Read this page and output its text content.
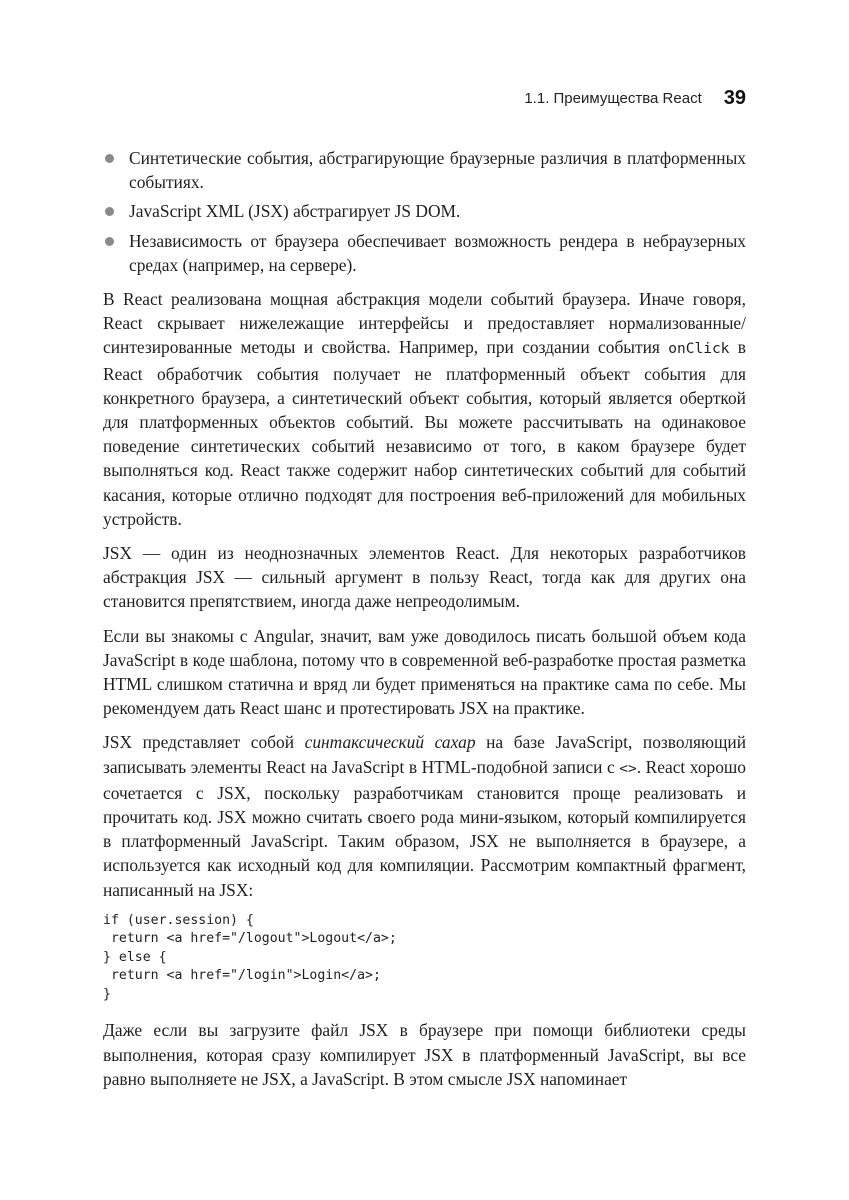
1.1. Преимущества React 39
Синтетические события, абстрагирующие браузерные различия в платформенных событиях.
JavaScript XML (JSX) абстрагирует JS DOM.
Независимость от браузера обеспечивает возможность рендера в небраузерных средах (например, на сервере).

В React реализована мощная абстракция модели событий браузера. Иначе говоря, React скрывает нижележащие интерфейсы и предоставляет нормализованные/синтезированные методы и свойства. Например, при создании события onClick в React обработчик события получает не платформенный объект события для конкретного браузера, а синтетический объект события, который является оберткой для платформенных объектов событий. Вы можете рассчитывать на одинаковое поведение синтетических событий независимо от того, в каком браузере будет выполняться код. React также содержит набор синтетических событий для событий касания, которые отлично подходят для построения веб-приложений для мобильных устройств.

JSX — один из неоднозначных элементов React. Для некоторых разработчиков абстракция JSX — сильный аргумент в пользу React, тогда как для других она становится препятствием, иногда даже непреодолимым.

Если вы знакомы с Angular, значит, вам уже доводилось писать большой объем кода JavaScript в коде шаблона, потому что в современной веб-разработке простая разметка HTML слишком статична и вряд ли будет применяться на практике сама по себе. Мы рекомендуем дать React шанс и протестировать JSX на практике.

JSX представляет собой синтаксический сахар на базе JavaScript, позволяющий записывать элементы React на JavaScript в HTML-подобной записи с <>. React хорошо сочетается с JSX, поскольку разработчикам становится проще реализовать и прочитать код. JSX можно считать своего рода мини-языком, который компилируется в платформенный JavaScript. Таким образом, JSX не выполняется в браузере, а используется как исходный код для компиляции. Рассмотрим компактный фрагмент, написанный на JSX:

if (user.session) {
return <a href="/logout">Logout</a>;
} else {
return <a href="/login">Login</a>;
}

Даже если вы загрузите файл JSX в браузере при помощи библиотеки среды выполнения, которая сразу компилирует JSX в платформенный JavaScript, вы все равно выполняете не JSX, а JavaScript. В этом смысле JSX напоминает
